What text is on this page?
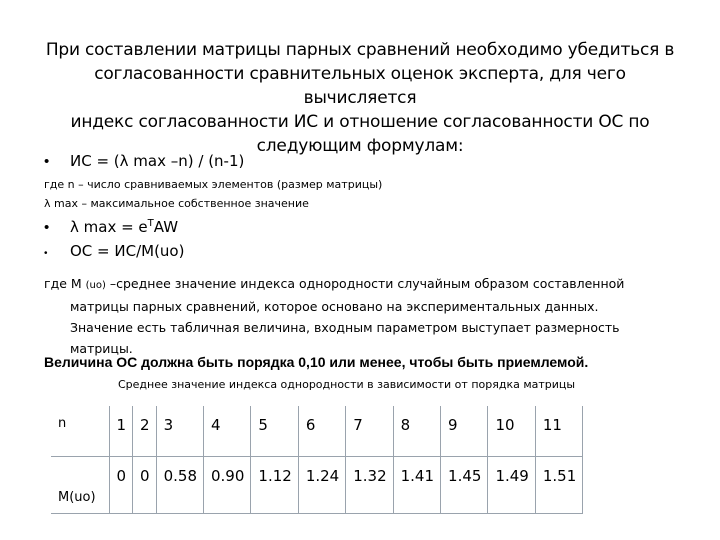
При составлении матрицы парных сравнений необходимо убедиться в
согласованности сравнительных оценок эксперта, для чего вычисляется
индекс согласованности ИС и отношение согласованности ОС по
следующим формулам:
•	ИС = (λ max –n) / (n-1)
где n – число сравниваемых элементов (размер матрицы)
λ max – максимальное собственное значение
•	λ $\max = e^TAW$
•	ОС = ИС/М(uo)
где М (uo) –среднее значение индекса однородности случайным образом составленной
матрицы парных сравнений, которое основано на экспериментальных данных.
Значение есть табличная величина, входным параметром выступает размерность
матрицы.
Величина ОС должна быть порядка 0,10 или менее, чтобы быть приемлемой.
Среднее значение индекса однородности в зависимости от порядка матрицы
n	1	2	3	4	5	6	7	8	9	10	11
M(uo)	0	0	0.58	0.90	1.12	1.24	1.32	1.41	1.45	1.49	1.51
